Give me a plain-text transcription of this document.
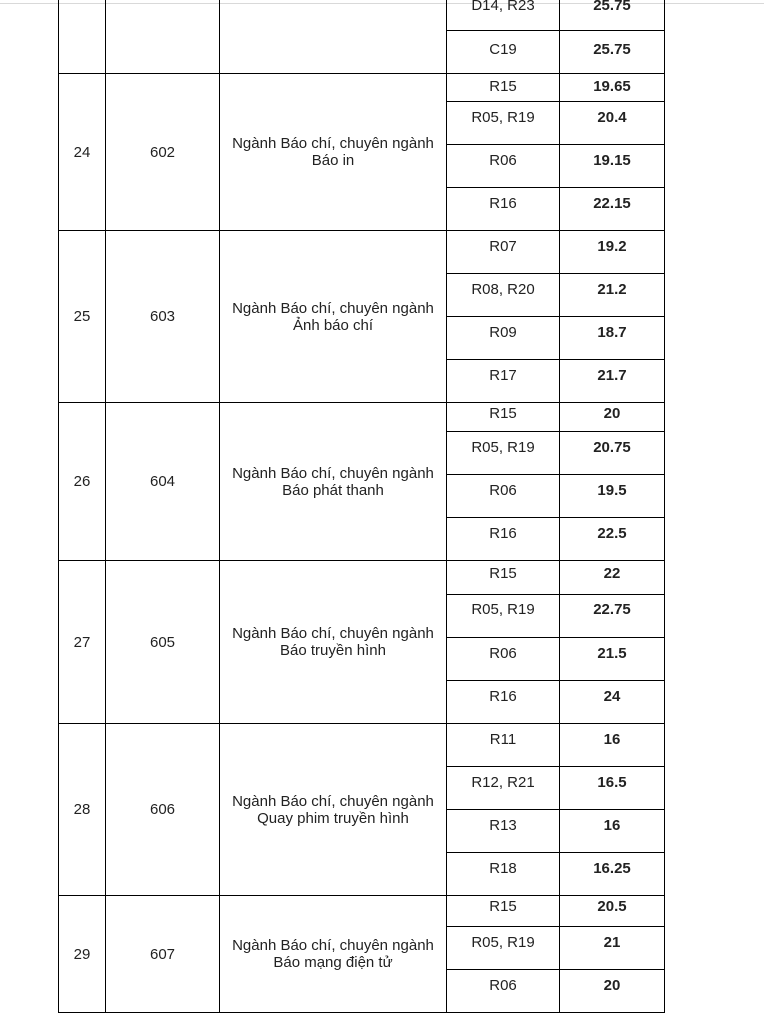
			D14, R23	25.75
			C19	25.75
24	602	Ngành Báo chí, chuyên ngành Báo in	R15	19.65
			R05, R19	20.4
			R06	19.15
			R16	22.15
25	603	Ngành Báo chí, chuyên ngành Ảnh báo chí	R07	19.2
			R08, R20	21.2
			R09	18.7
			R17	21.7
26	604	Ngành Báo chí, chuyên ngành Báo phát thanh	R15	20
			R05, R19	20.75
			R06	19.5
			R16	22.5
27	605	Ngành Báo chí, chuyên ngành Báo truyền hình	R15	22
			R05, R19	22.75
			R06	21.5
			R16	24
28	606	Ngành Báo chí, chuyên ngành Quay phim truyền hình	R11	16
			R12, R21	16.5
			R13	16
			R18	16.25
29	607	Ngành Báo chí, chuyên ngành Báo mạng điện tử	R15	20.5
			R05, R19	21
			R06	20
